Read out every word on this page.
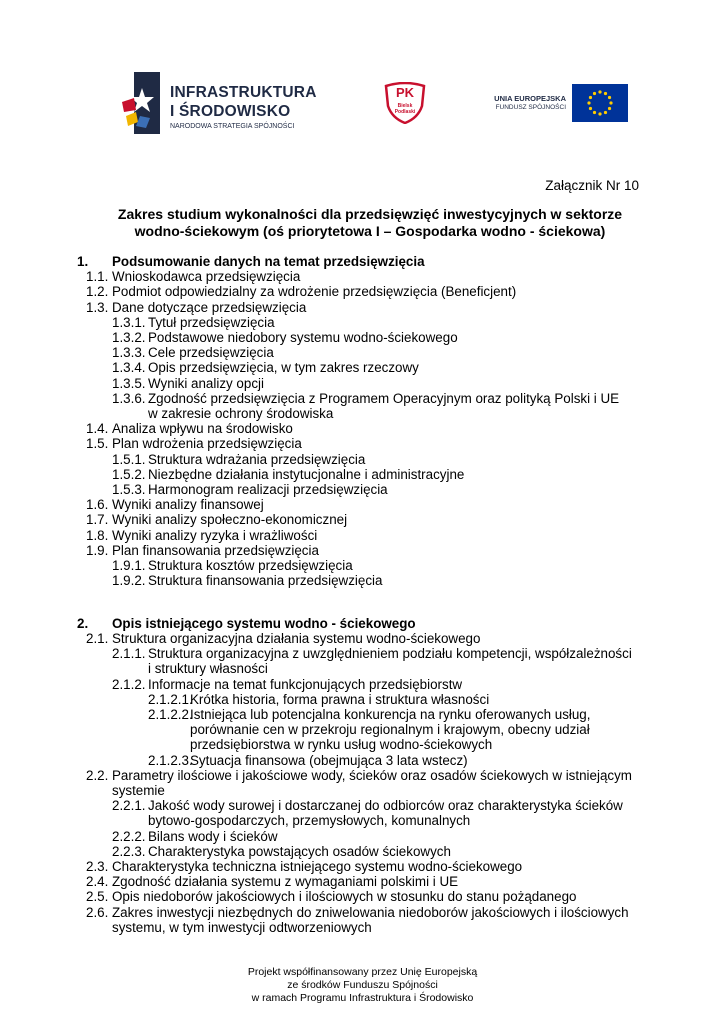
INFRASTRUKTURA
I ŚRODOWISKO
NARODOWA STRATEGIA SPÓJNOŚCI
PK
Bielsk
Podlaski
UNIA EUROPEJSKA
FUNDUSZ SPÓJNOŚCI
Załącznik Nr 10
Zakres studium wykonalności dla przedsięwzięć inwestycyjnych w sektorze
wodno-ściekowym (oś priorytetowa I – Gospodarka wodno - ściekowa)
1. Podsumowanie danych na temat przedsięwzięcia
1.1. Wnioskodawca przedsięwzięcia
1.2. Podmiot odpowiedzialny za wdrożenie przedsięwzięcia (Beneficjent)
1.3. Dane dotyczące przedsięwzięcia
1.3.1. Tytuł przedsięwzięcia
1.3.2. Podstawowe niedobory systemu wodno-ściekowego
1.3.3. Cele przedsięwzięcia
1.3.4. Opis przedsięwzięcia, w tym zakres rzeczowy
1.3.5. Wyniki analizy opcji
1.3.6. Zgodność przedsięwzięcia z Programem Operacyjnym oraz polityką Polski i UE
w zakresie ochrony środowiska
1.4. Analiza wpływu na środowisko
1.5. Plan wdrożenia przedsięwzięcia
1.5.1. Struktura wdrażania przedsięwzięcia
1.5.2. Niezbędne działania instytucjonalne i administracyjne
1.5.3. Harmonogram realizacji przedsięwzięcia
1.6. Wyniki analizy finansowej
1.7. Wyniki analizy społeczno-ekonomicznej
1.8. Wyniki analizy ryzyka i wrażliwości
1.9. Plan finansowania przedsięwzięcia
1.9.1. Struktura kosztów przedsięwzięcia
1.9.2. Struktura finansowania przedsięwzięcia
2. Opis istniejącego systemu wodno - ściekowego
2.1. Struktura organizacyjna działania systemu wodno-ściekowego
2.1.1. Struktura organizacyjna z uwzględnieniem podziału kompetencji, współzależności
i struktury własności
2.1.2. Informacje na temat funkcjonujących przedsiębiorstw
2.1.2.1.
Krótka historia, forma prawna i struktura własności
2.1.2.2.
Istniejąca lub potencjalna konkurencja na rynku oferowanych usług,
porównanie cen w przekroju regionalnym i krajowym, obecny udział
przedsiębiorstwa w rynku usług wodno-ściekowych
2.1.2.3.
Sytuacja finansowa (obejmująca 3 lata wstecz)
2.2. Parametry ilościowe i jakościowe wody, ścieków oraz osadów ściekowych w istniejącym
systemie
2.2.1. Jakość wody surowej i dostarczanej do odbiorców oraz charakterystyka ścieków
bytowo-gospodarczych, przemysłowych, komunalnych
2.2.2. Bilans wody i ścieków
2.2.3. Charakterystyka powstających osadów ściekowych
2.3. Charakterystyka techniczna istniejącego systemu wodno-ściekowego
2.4. Zgodność działania systemu z wymaganiami polskimi i UE
2.5. Opis niedoborów jakościowych i ilościowych w stosunku do stanu pożądanego
2.6. Zakres inwestycji niezbędnych do zniwelowania niedoborów jakościowych i ilościowych
systemu, w tym inwestycji odtworzeniowych
Projekt współfinansowany przez Unię Europejską
ze środków Funduszu Spójności
w ramach Programu Infrastruktura i Środowisko
